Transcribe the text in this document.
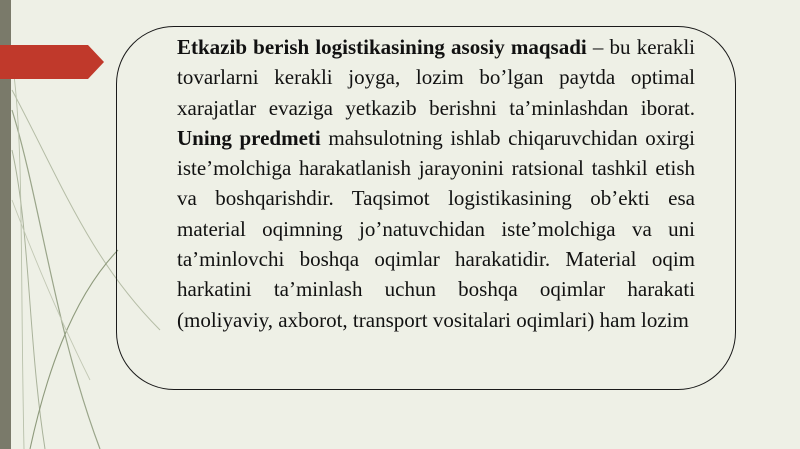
Etkazib berish logistikasining asosiy maqsadi – bu kerakli tovarlarni kerakli joyga, lozim bo’lgan paytda optimal xarajatlar evaziga yetkazib berishni ta’minlashdan iborat. Uning predmeti mahsulotning ishlab chiqaruvchidan oxirgi iste’molchiga harakatlanish jarayonini ratsional tashkil etish va boshqarishdir. Taqsimot logistikasining ob’ekti esa material oqimning jo’natuvchidan iste’molchiga va uni ta’minlovchi boshqa oqimlar harakatidir. Material oqim harkatini ta’minlash uchun boshqa oqimlar harakati (moliyaviy, axborot, transport vositalari oqimlari) ham lozim
